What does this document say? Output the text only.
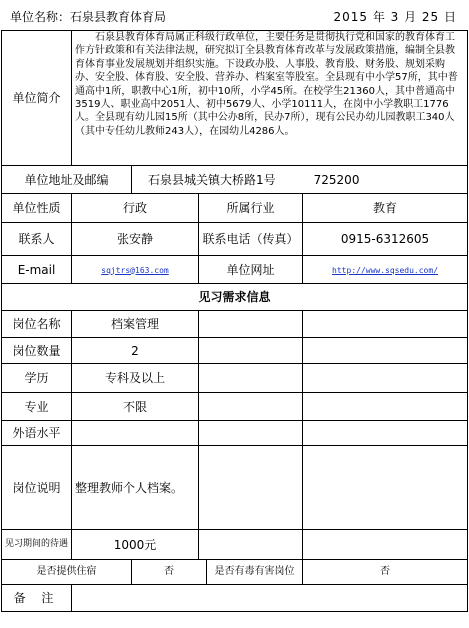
单位名称：石泉县教育体育局	2015 年 3 月 25 日
单位简介	石泉县教育体育局属正科级行政单位，主要任务是贯彻执行党和国家的教育体育工作方针政策和有关法律法规，研究拟订全县教育体育改革与发展政策措施，编制全县教育体育事业发展规划并组织实施。下设政办股、人事股、教育股、财务股、规划采购办、安全股、体育股、安全股、营养办、档案室等股室。全县现有中小学57所，其中普通高中1所，职教中心1所，初中10所，小学45所。在校学生21360人，其中普通高中3519人、职业高中2051人、初中5679人、小学10111人，在岗中小学教职工1776人。全县现有幼儿园15所（其中公办8所，民办7所），现有公民办幼儿园教职工340人（其中专任幼儿教师243人），在园幼儿4286人。				
单位地址及邮编		石泉县城关镇大桥路1号 725200			
单位性质	行政		所属行业		教育
联系人	张安静		联系电话（传真）		0915-6312605
E-mail	sqjtrs@163.com		单位网址		http://www.sqsedu.com/
见习需求信息					
岗位名称	档案管理				
岗位数量	2				
学历	专科及以上				
专业	不限				
外语水平					
岗位说明	整理教师个人档案。				
见习期间的待遇	1000元				
是否提供住宿		否		是否有毒有害岗位	否
备 注					
